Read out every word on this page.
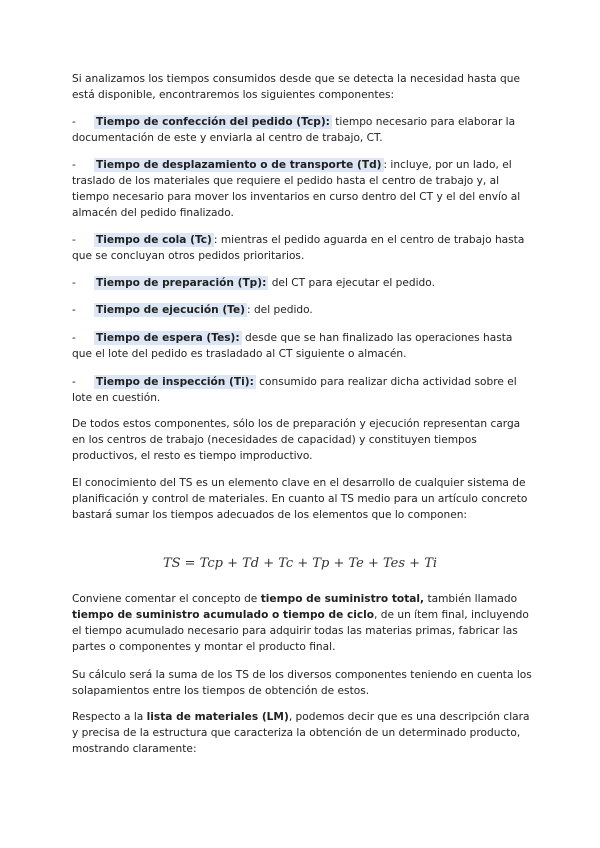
Si analizamos los tiempos consumidos desde que se detecta la necesidad hasta que está disponible, encontraremos los siguientes componentes:

-	Tiempo de confección del pedido (Tcp): tiempo necesario para elaborar la documentación de este y enviarla al centro de trabajo, CT.

-	Tiempo de desplazamiento o de transporte (Td) : incluye, por un lado, el traslado de los materiales que requiere el pedido hasta el centro de trabajo y, al tiempo necesario para mover los inventarios en curso dentro del CT y el del envío al almacén del pedido finalizado.

-	Tiempo de cola (Tc) : mientras el pedido aguarda en el centro de trabajo hasta que se concluyan otros pedidos prioritarios.

-	Tiempo de preparación (Tp): del CT para ejecutar el pedido.

-	Tiempo de ejecución (Te) : del pedido.

-	Tiempo de espera (Tes): desde que se han finalizado las operaciones hasta que el lote del pedido es trasladado al CT siguiente o almacén.

-	Tiempo de inspección (Ti): consumido para realizar dicha actividad sobre el lote en cuestión.

De todos estos componentes, sólo los de preparación y ejecución representan carga en los centros de trabajo (necesidades de capacidad) y constituyen tiempos productivos, el resto es tiempo improductivo.

El conocimiento del TS es un elemento clave en el desarrollo de cualquier sistema de planificación y control de materiales. En cuanto al TS medio para un artículo concreto bastará sumar los tiempos adecuados de los elementos que lo componen:

TS = Tcp + Td + Tc + Tp + Te + Tes + Ti

Conviene comentar el concepto de tiempo de suministro total, también llamado tiempo de suministro acumulado o tiempo de ciclo, de un ítem final, incluyendo el tiempo acumulado necesario para adquirir todas las materias primas, fabricar las partes o componentes y montar el producto final.

Su cálculo será la suma de los TS de los diversos componentes teniendo en cuenta los solapamientos entre los tiempos de obtención de estos.

Respecto a la lista de materiales (LM), podemos decir que es una descripción clara y precisa de la estructura que caracteriza la obtención de un determinado producto, mostrando claramente:
